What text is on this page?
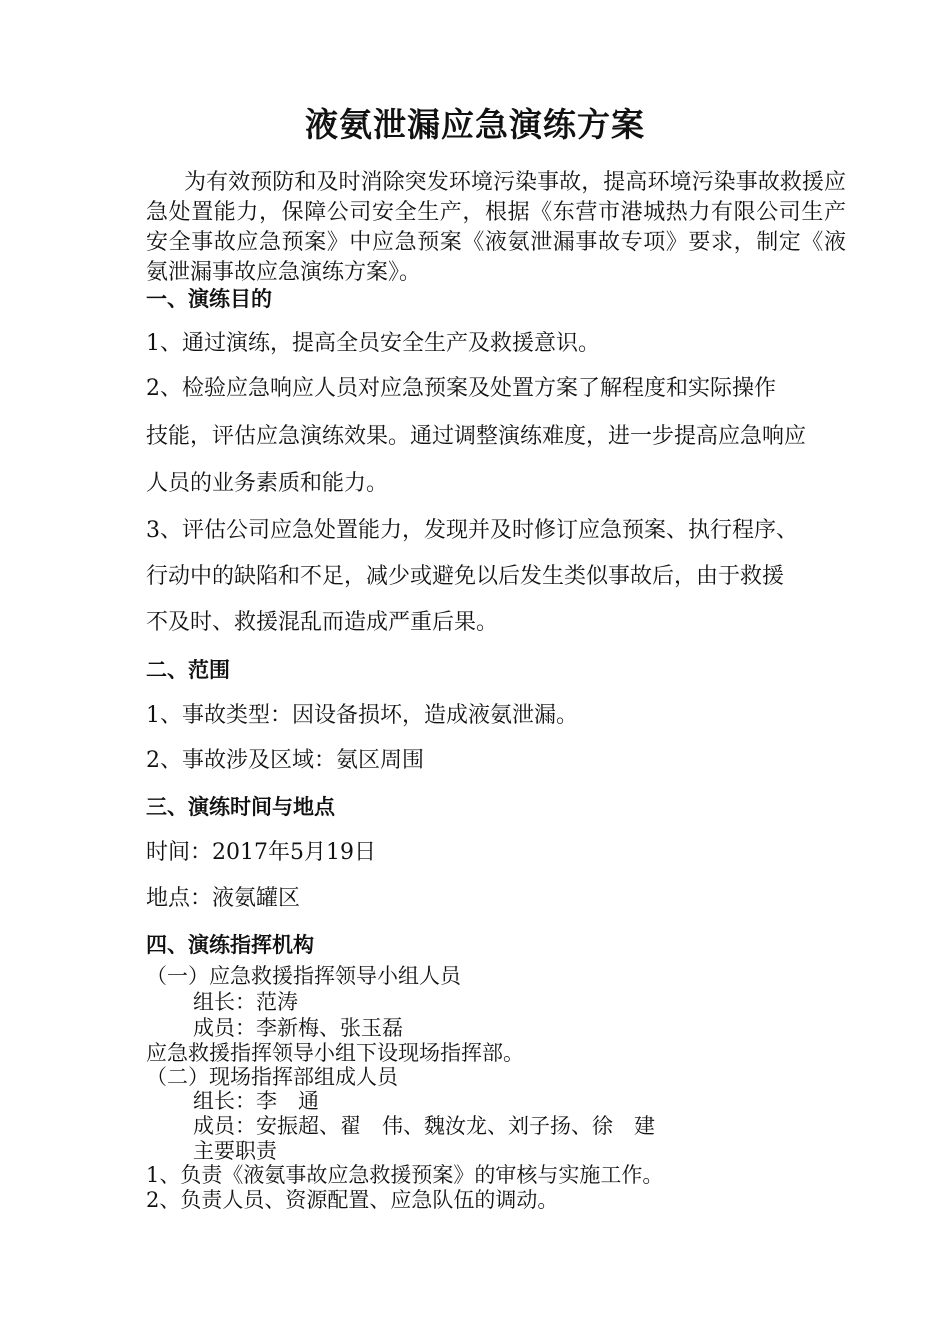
液氨泄漏应急演练方案
为有效预防和及时消除突发环境污染事故，提高环境污染事故救援应急处置能力，保障公司安全生产，根据《东营市港城热力有限公司生产安全事故应急预案》中应急预案《液氨泄漏事故专项》要求，制定《液氨泄漏事故应急演练方案》。
一、演练目的
1、通过演练，提高全员安全生产及救援意识。
2、检验应急响应人员对应急预案及处置方案了解程度和实际操作
技能，评估应急演练效果。通过调整演练难度，进一步提高应急响应
人员的业务素质和能力。
3、评估公司应急处置能力，发现并及时修订应急预案、执行程序、
行动中的缺陷和不足，减少或避免以后发生类似事故后，由于救援
不及时、救援混乱而造成严重后果。
二、范围
1、事故类型：因设备损坏，造成液氨泄漏。
2、事故涉及区域：氨区周围
三、演练时间与地点
时间：2017年5月19日
地点：液氨罐区
四、演练指挥机构
（一）应急救援指挥领导小组人员
组长：范涛
成员：李新梅、张玉磊
应急救援指挥领导小组下设现场指挥部。
（二）现场指挥部组成人员
组长：李　通
成员：安振超、翟　伟、魏汝龙、刘子扬、徐　建
主要职责
1、负责《液氨事故应急救援预案》的审核与实施工作。
2、负责人员、资源配置、应急队伍的调动。
